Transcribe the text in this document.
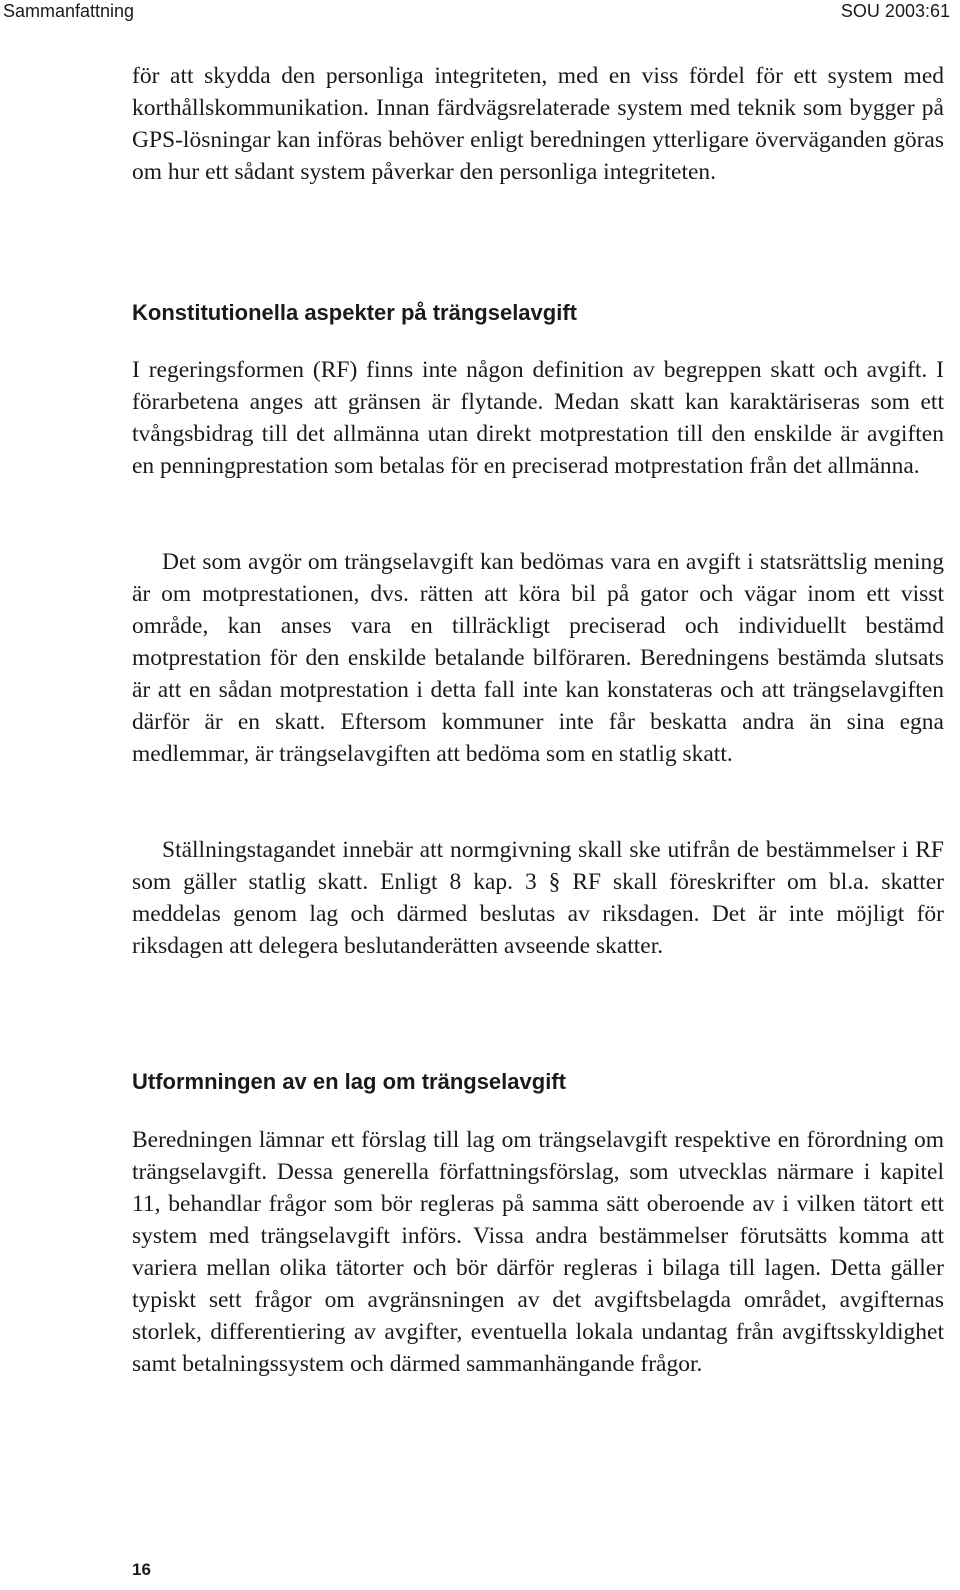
Sammanfattning	SOU 2003:61

för att skydda den personliga integriteten, med en viss fördel för ett system med korthållskommunikation. Innan färdvägsrelaterade system med teknik som bygger på GPS-lösningar kan införas behöver enligt beredningen ytterligare överväganden göras om hur ett sådant system påverkar den personliga integriteten.

Konstitutionella aspekter på trängselavgift

I regeringsformen (RF) finns inte någon definition av begreppen skatt och avgift. I förarbetena anges att gränsen är flytande. Medan skatt kan karaktäriseras som ett tvångsbidrag till det allmänna utan direkt motprestation till den enskilde är avgiften en penningprestation som betalas för en preciserad motprestation från det allmänna.

Det som avgör om trängselavgift kan bedömas vara en avgift i statsrättslig mening är om motprestationen, dvs. rätten att köra bil på gator och vägar inom ett visst område, kan anses vara en tillräckligt preciserad och individuellt bestämd motprestation för den enskilde betalande bilföraren. Beredningens bestämda slutsats är att en sådan motprestation i detta fall inte kan konstateras och att trängselavgiften därför är en skatt. Eftersom kommuner inte får beskatta andra än sina egna medlemmar, är trängselavgiften att bedöma som en statlig skatt.

Ställningstagandet innebär att normgivning skall ske utifrån de bestämmelser i RF som gäller statlig skatt. Enligt 8 kap. 3 § RF skall föreskrifter om bl.a. skatter meddelas genom lag och därmed beslutas av riksdagen. Det är inte möjligt för riksdagen att delegera beslutanderätten avseende skatter.

Utformningen av en lag om trängselavgift

Beredningen lämnar ett förslag till lag om trängselavgift respektive en förordning om trängselavgift. Dessa generella författningsförslag, som utvecklas närmare i kapitel 11, behandlar frågor som bör regleras på samma sätt oberoende av i vilken tätort ett system med trängselavgift införs. Vissa andra bestämmelser förutsätts komma att variera mellan olika tätorter och bör därför regleras i bilaga till lagen. Detta gäller typiskt sett frågor om avgränsningen av det avgiftsbelagda området, avgifternas storlek, differentiering av avgifter, eventuella lokala undantag från avgiftsskyldighet samt betalningssystem och därmed sammanhängande frågor.

16
